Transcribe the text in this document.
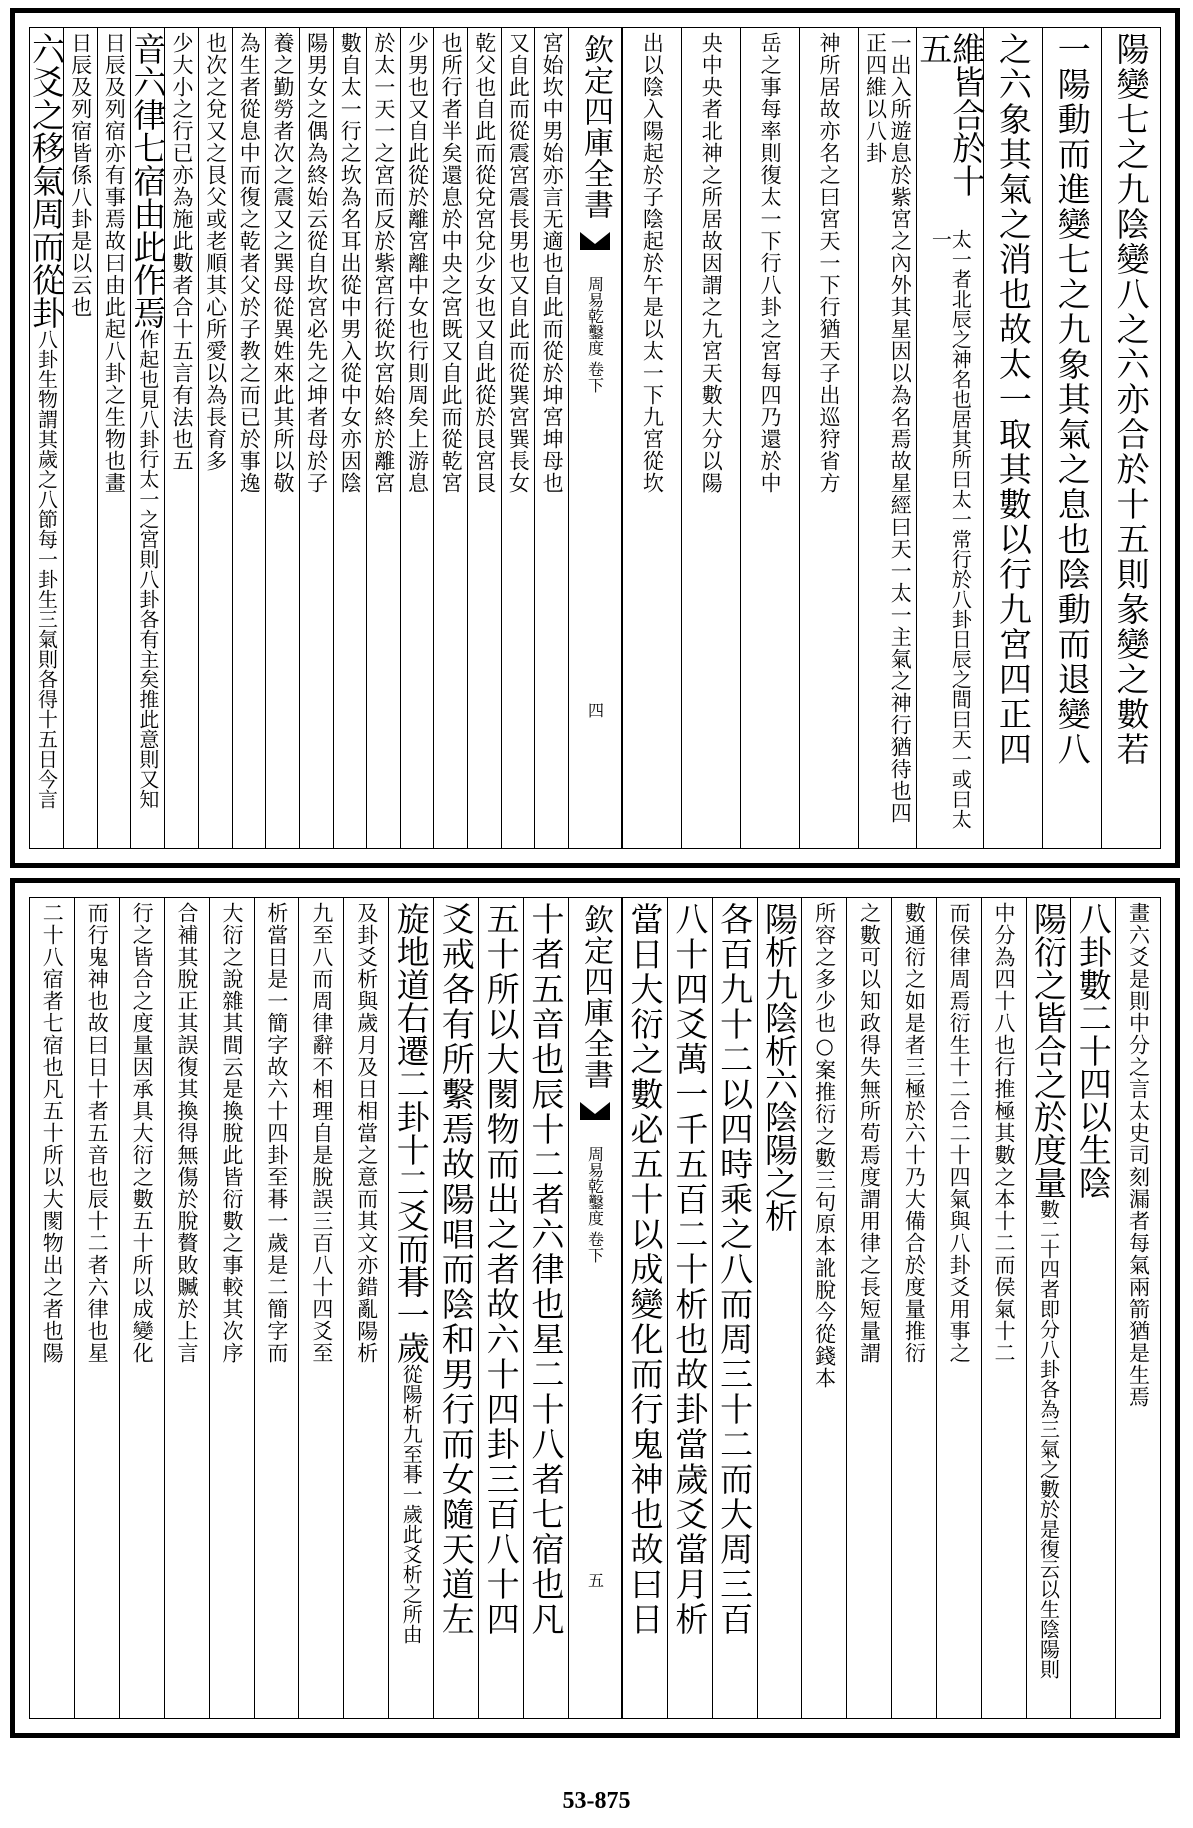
陽變七之九陰變八之六亦合於十五則彖變之數若
一陽動而進變七之九象其氣之息也陰動而退變八
之六象其氣之消也故太一取其數以行九宮四正四
維皆合於十五
太一者北辰之神名也居其所曰太一常行於八卦日辰之間曰天一或曰太一
一出入所遊息於紫宮之內外其星因以為名焉故星經曰天一太一主氣之神行猶待也四正四維以八卦
神所居故亦名之曰宮天一下行猶天子出巡狩省方
岳之事每率則復太一下行八卦之宮每四乃還於中
央中央者北神之所居故因謂之九宮天數大分以陽
出以陰入陽起於子陰起於午是以太一下九宮從坎
欽定四庫全書
周易乾鑿度 卷下
四
宮始坎中男始亦言无適也自此而從於坤宮坤母也
又自此而從震宮震長男也又自此而從巽宮巽長女
乾父也自此而從兌宮兌少女也又自此從於艮宮艮
也所行者半矣還息於中央之宮既又自此而從乾宮
少男也又自此從於離宮離中女也行則周矣上游息
於太一天一之宮而反於紫宮行從坎宮始終於離宮
數自太一行之坎為名耳出從中男入從中女亦因陰
陽男女之偶為終始云從自坎宮必先之坤者母於子
養之勤勞者次之震又之巽母從異姓來此其所以敬
為生者從息中而復之乾者父於子教之而已於事逸
也次之兌又之艮父或老順其心所愛以為長育多
少大小之行已亦為施此數者合十五言有法也五
音六律七宿由此作焉
作起也見八卦行太一之宮則八卦各有主矣推此意則又知
日辰及列宿亦有事焉故曰由此起八卦之生物也畫
日辰及列宿皆係八卦是以云也
六爻之移氣周而從卦
八卦生物謂其歲之八節每一卦生三氣則各得十五日今言
畫六爻是則中分之言太史司刻漏者每氣兩箭猶是生焉
八卦數二十四以生陰
陽衍之皆合之於度量
數二十四者即分八卦各為三氣之數於是復云以生陰陽則
中分為四十八也行推極其數之本十二而侯氣十二
而侯律周焉衍生十二合二十四氣與八卦爻用事之
數通衍之如是者三極於六十乃大備合於度量推衍
之數可以知政得失無所苟焉度謂用律之長短量謂
所容之多少也○案推衍之數三句原本訛脫今從錢本
陽析九陰析六陰陽之析
各百九十二以四時乘之八而周三十二而大周三百
八十四爻萬一千五百二十析也故卦當歲爻當月析
當日大衍之數必五十以成變化而行鬼神也故曰日
欽定四庫全書
周易乾鑿度 卷下
五
十者五音也辰十二者六律也星二十八者七宿也凡
五十所以大閡物而出之者故六十四卦三百八十四
爻戒各有所繫焉故陽唱而陰和男行而女隨天道左
旋地道右遷二卦十二爻而朞一歲
從陽析九至朞一歲此爻析之所由
及卦爻析與歲月及日相當之意而其文亦錯亂陽析
九至八而周律辭不相理自是脫誤三百八十四爻至
析當日是一簡字故六十四卦至朞一歲是二簡字而
大衍之說雜其間云是換脫此皆衍數之事較其次序
合補其脫正其誤復其換得無傷於脫贅敗贓於上言
行之皆合之度量因承具大衍之數五十所以成變化
而行鬼神也故曰日十者五音也辰十二者六律也星
二十八宿者七宿也凡五十所以大閡物出之者也陽
53-875
